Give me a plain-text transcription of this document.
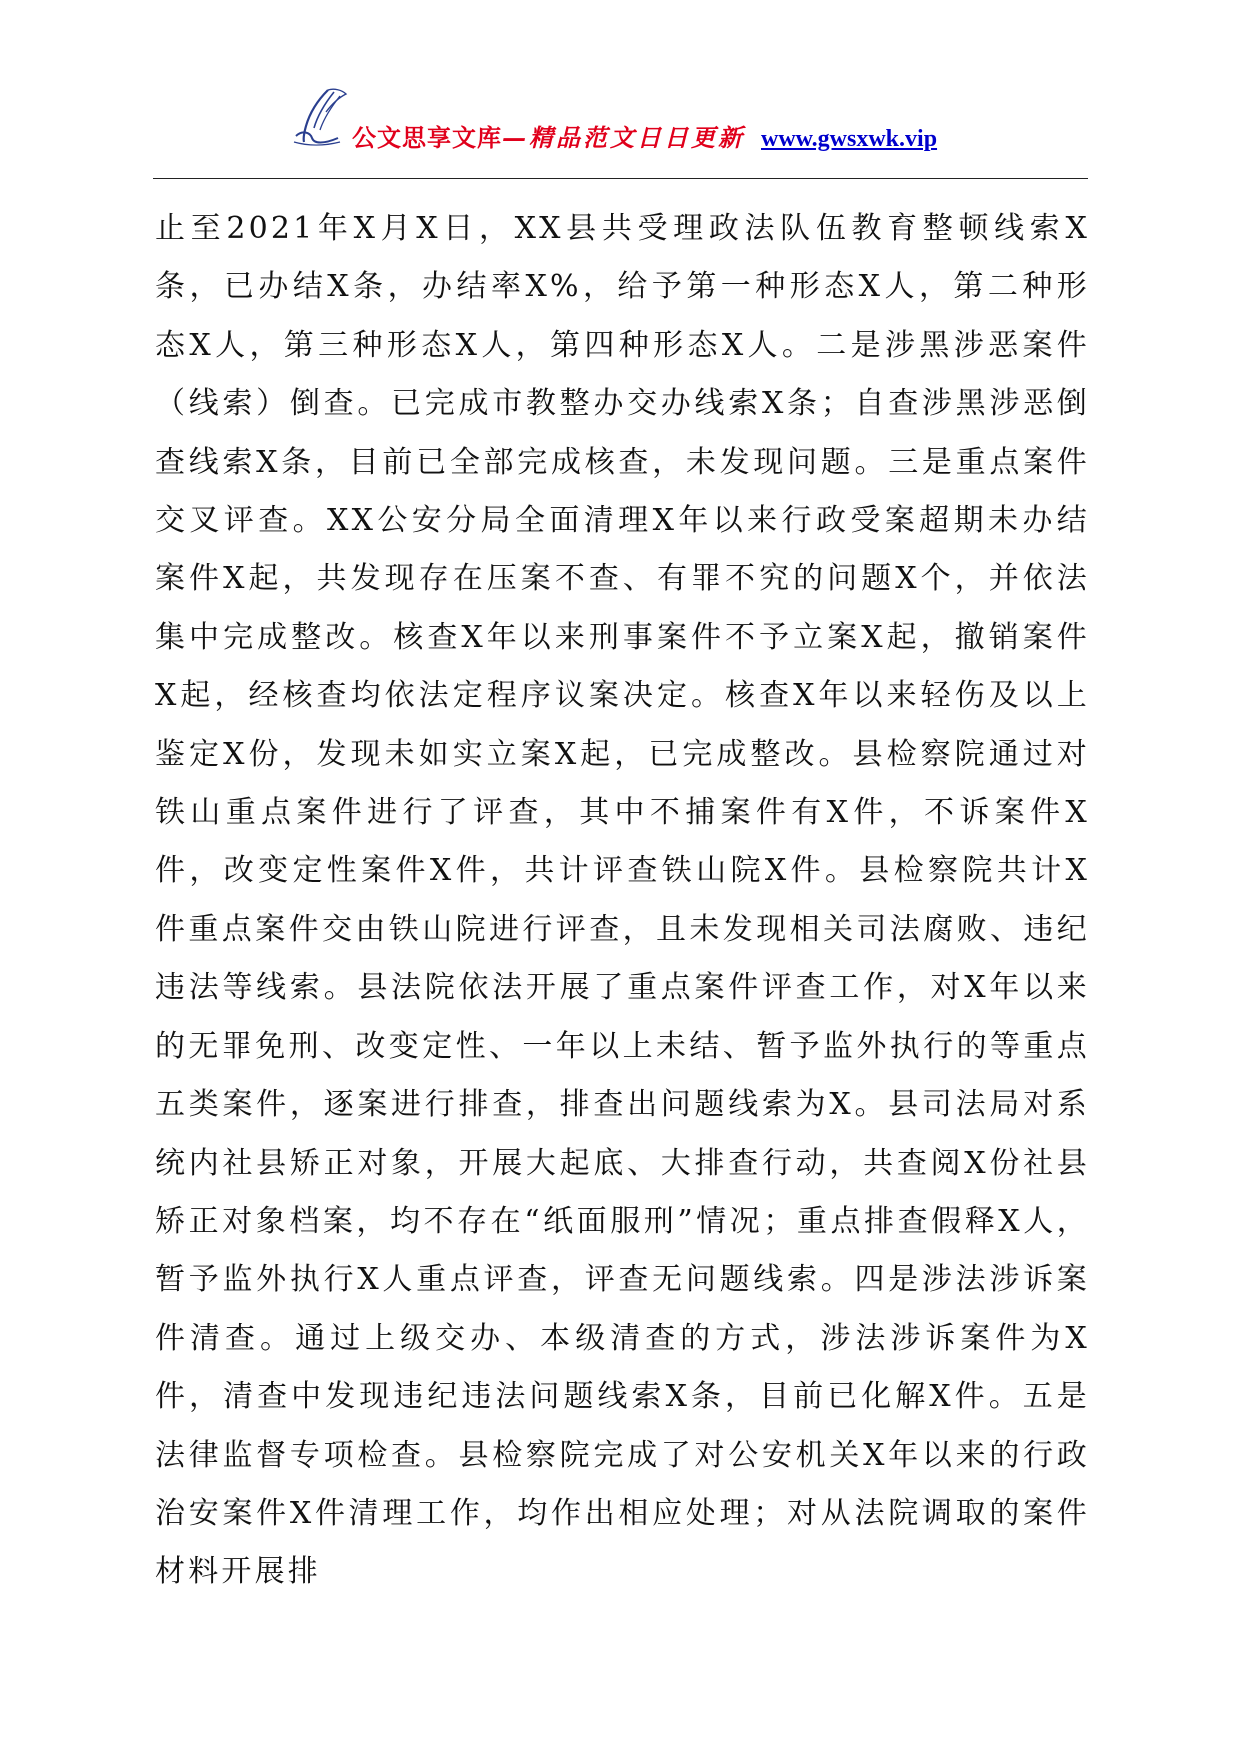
公文思享文库 —精品范文日日更新 www.gwsxwk.vip

止至2021年X月X日，XX县共受理政法队伍教育整顿线索X条，已办结X条，办结率X%，给予第一种形态X人，第二种形态X人，第三种形态X人，第四种形态X人。二是涉黑涉恶案件（线索）倒查。已完成市教整办交办线索X条；自查涉黑涉恶倒查线索X条，目前已全部完成核查，未发现问题。三是重点案件交叉评查。XX公安分局全面清理X年以来行政受案超期未办结案件X起，共发现存在压案不查、有罪不究的问题X个，并依法集中完成整改。核查X年以来刑事案件不予立案X起，撤销案件X起，经核查均依法定程序议案决定。核查X年以来轻伤及以上鉴定X份，发现未如实立案X起，已完成整改。县检察院通过对铁山重点案件进行了评查，其中不捕案件有X件，不诉案件X件，改变定性案件X件，共计评查铁山院X件。县检察院共计X件重点案件交由铁山院进行评查，且未发现相关司法腐败、违纪违法等线索。县法院依法开展了重点案件评查工作，对X年以来的无罪免刑、改变定性、一年以上未结、暂予监外执行的等重点五类案件，逐案进行排查，排查出问题线索为X。县司法局对系统内社县矫正对象，开展大起底、大排查行动，共查阅X份社县矫正对象档案，均不存在“纸面服刑”情况；重点排查假释X人，暂予监外执行X人重点评查，评查无问题线索。四是涉法涉诉案件清查。通过上级交办、本级清查的方式，涉法涉诉案件为X件，清查中发现违纪违法问题线索X条，目前已化解X件。五是法律监督专项检查。县检察院完成了对公安机关X年以来的行政治安案件X件清理工作，均作出相应处理；对从法院调取的案件材料开展排
